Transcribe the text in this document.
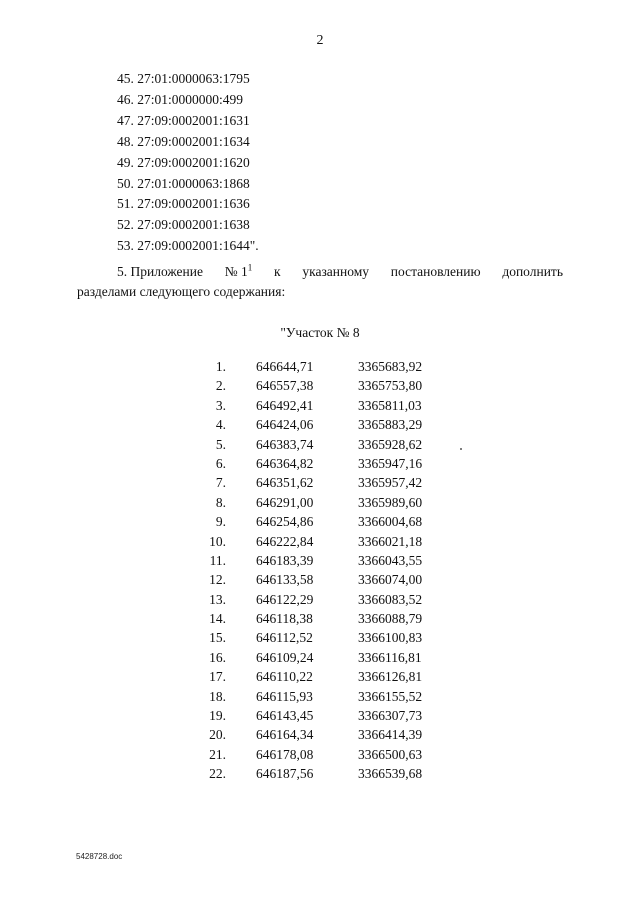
2
45. 27:01:0000063:1795
46. 27:01:0000000:499
47. 27:09:0002001:1631
48. 27:09:0002001:1634
49. 27:09:0002001:1620
50. 27:01:0000063:1868
51. 27:09:0002001:1636
52. 27:09:0002001:1638
53. 27:09:0002001:1644".
5. Приложение № $1^1$ к указанному постановлению дополнить
разделами следующего содержания:
"Участок № 8
1. 646644,71	3365683,92
2. 646557,38	3365753,80
3. 646492,41	3365811,03
4. 646424,06	3365883,29
5. 646383,74	3365928,62
6. 646364,82	3365947,16
7. 646351,62	3365957,42
8. 646291,00	3365989,60
9. 646254,86	3366004,68
10. 646222,84	3366021,18
11. 646183,39	3366043,55
12. 646133,58	3366074,00
13. 646122,29	3366083,52
14. 646118,38	3366088,79
15. 646112,52	3366100,83
16. 646109,24	3366116,81
17. 646110,22	3366126,81
18. 646115,93	3366155,52
19. 646143,45	3366307,73
20. 646164,34	3366414,39
21. 646178,08	3366500,63
22. 646187,56	3366539,68
5428728.doc
